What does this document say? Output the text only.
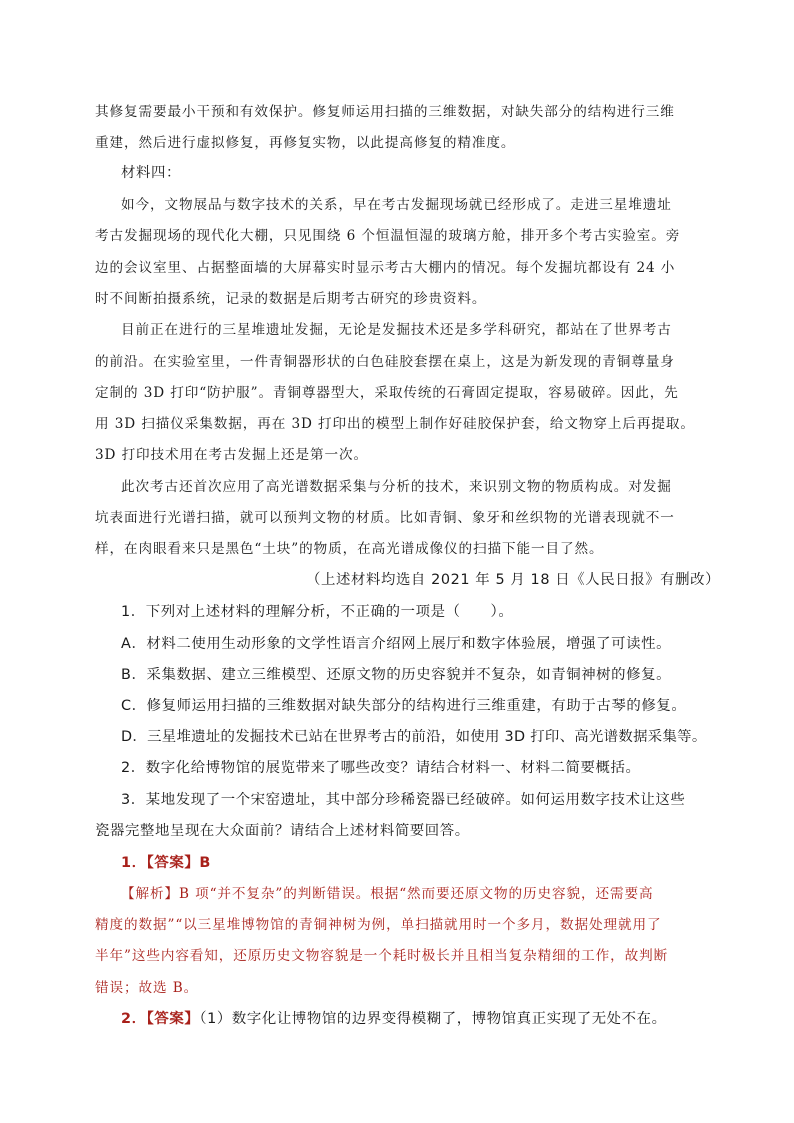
其修复需要最小干预和有效保护。修复师运用扫描的三维数据，对缺失部分的结构进行三维
重建，然后进行虚拟修复，再修复实物，以此提高修复的精准度。
材料四：
如今，文物展品与数字技术的关系，早在考古发掘现场就已经形成了。走进三星堆遗址
考古发掘现场的现代化大棚，只见围绕 6 个恒温恒湿的玻璃方舱，排开多个考古实验室。旁
边的会议室里、占据整面墙的大屏幕实时显示考古大棚内的情况。每个发掘坑都设有 24 小
时不间断拍摄系统，记录的数据是后期考古研究的珍贵资料。
目前正在进行的三星堆遗址发掘，无论是发掘技术还是多学科研究，都站在了世界考古
的前沿。在实验室里，一件青铜器形状的白色硅胶套摆在桌上，这是为新发现的青铜尊量身
定制的 3D 打印“防护服”。青铜尊器型大，采取传统的石膏固定提取，容易破碎。因此，先
用 3D 扫描仪采集数据，再在 3D 打印出的模型上制作好硅胶保护套，给文物穿上后再提取。
3D 打印技术用在考古发掘上还是第一次。
此次考古还首次应用了高光谱数据采集与分析的技术，来识别文物的物质构成。对发掘
坑表面进行光谱扫描，就可以预判文物的材质。比如青铜、象牙和丝织物的光谱表现就不一
样，在肉眼看来只是黑色“土块”的物质，在高光谱成像仪的扫描下能一目了然。
（上述材料均选自 2021 年 5 月 18 日《人民日报》有删改）
1．下列对上述材料的理解分析，不正确的一项是（　　）。
A．材料二使用生动形象的文学性语言介绍网上展厅和数字体验展，增强了可读性。
B．采集数据、建立三维模型、还原文物的历史容貌并不复杂，如青铜神树的修复。
C．修复师运用扫描的三维数据对缺失部分的结构进行三维重建，有助于古琴的修复。
D．三星堆遗址的发掘技术已站在世界考古的前沿，如使用 3D 打印、高光谱数据采集等。
2．数字化给博物馆的展览带来了哪些改变？请结合材料一、材料二简要概括。
3．某地发现了一个宋窑遗址，其中部分珍稀瓷器已经破碎。如何运用数字技术让这些
瓷器完整地呈现在大众面前？请结合上述材料简要回答。
1．【答案】B
【解析】B 项“并不复杂”的判断错误。根据“然而要还原文物的历史容貌，还需要高
精度的数据”“以三星堆博物馆的青铜神树为例，单扫描就用时一个多月，数据处理就用了
半年”这些内容看知，还原历史文物容貌是一个耗时极长并且相当复杂精细的工作，故判断
错误；故选 B。
2．【答案】（1）数字化让博物馆的边界变得模糊了，博物馆真正实现了无处不在。
